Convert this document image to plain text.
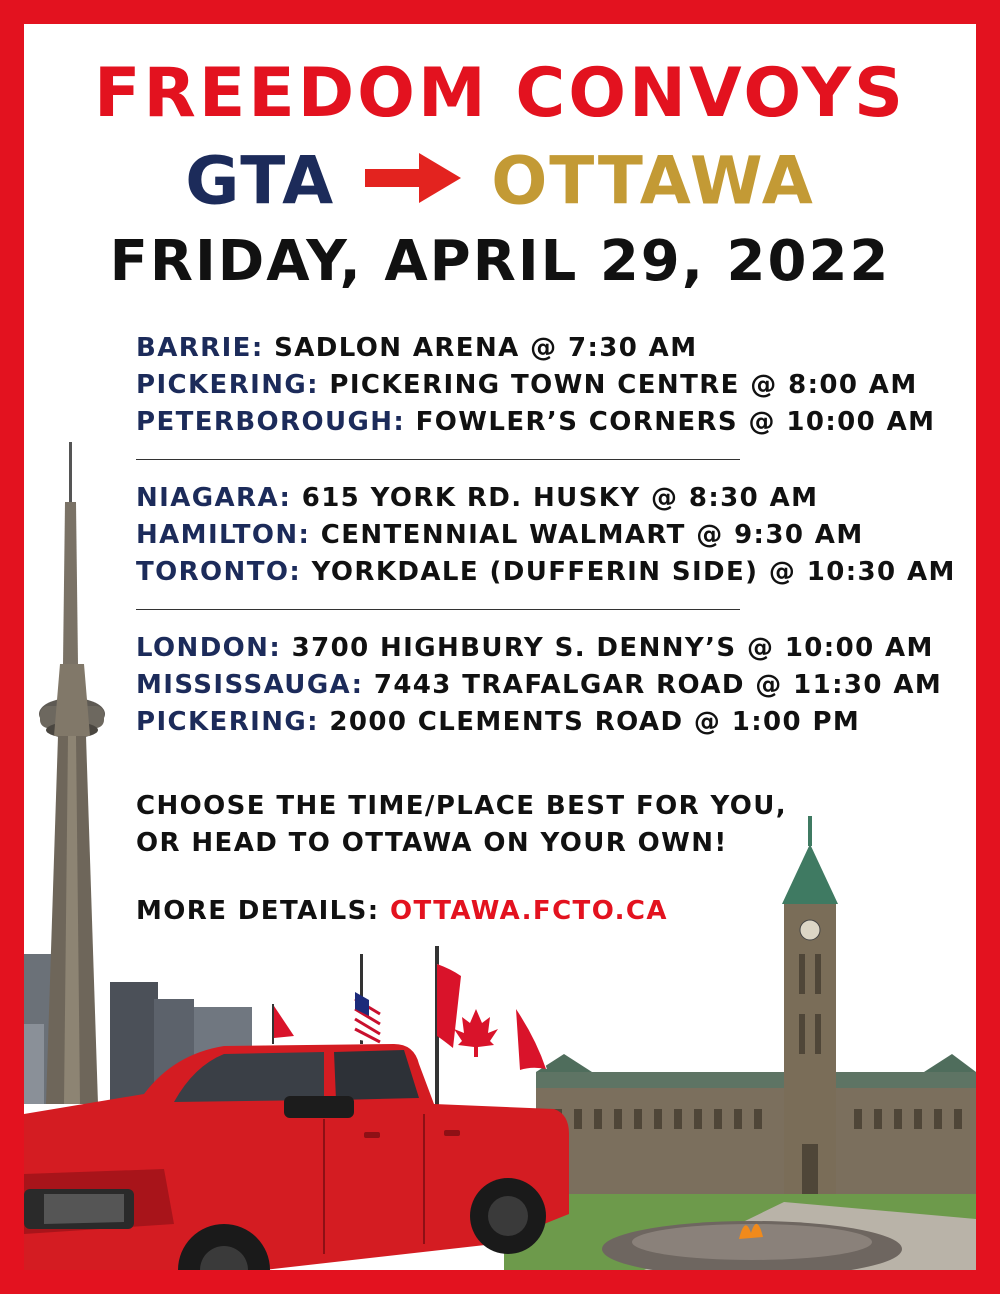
FREEDOM CONVOYS
GTA OTTAWA
FRIDAY, APRIL 29, 2022
BARRIE: SADLON ARENA @ 7:30 AM
PICKERING: PICKERING TOWN CENTRE @ 8:00 AM
PETERBOROUGH: FOWLER’S CORNERS @ 10:00 AM
NIAGARA: 615 YORK RD. HUSKY @ 8:30 AM
HAMILTON: CENTENNIAL WALMART @ 9:30 AM
TORONTO: YORKDALE (DUFFERIN SIDE) @ 10:30 AM
LONDON: 3700 HIGHBURY S. DENNY’S @ 10:00 AM
MISSISSAUGA: 7443 TRAFALGAR ROAD @ 11:30 AM
PICKERING: 2000 CLEMENTS ROAD @ 1:00 PM
CHOOSE THE TIME/PLACE BEST FOR YOU,
OR HEAD TO OTTAWA ON YOUR OWN!
MORE DETAILS: OTTAWA.FCTO.CA
